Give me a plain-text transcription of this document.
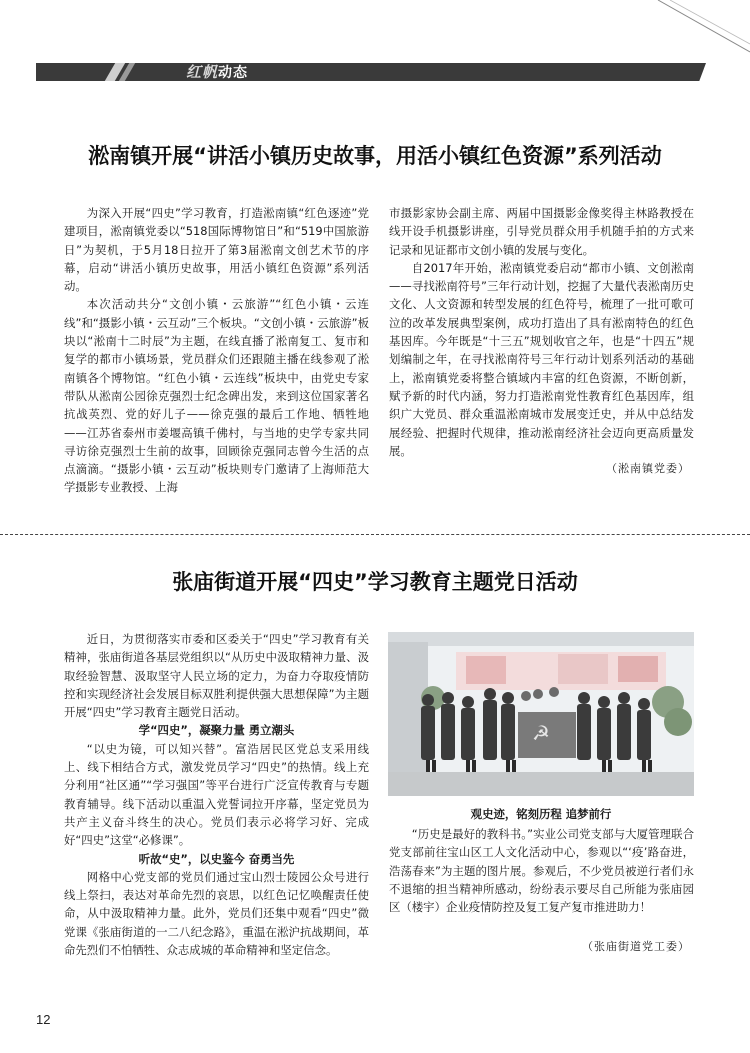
红帆动态
淞南镇开展“讲活小镇历史故事，用活小镇红色资源”系列活动

为深入开展“四史”学习教育，打造淞南镇“红色逐迹”党建项目，淞南镇党委以“518国际博物馆日”和“519中国旅游日”为契机，于5月18日拉开了第3届淞南文创艺术节的序幕，启动“讲活小镇历史故事，用活小镇红色资源”系列活动。

本次活动共分“文创小镇・云旅游”“红色小镇・云连线”和“摄影小镇・云互动”三个板块。“文创小镇・云旅游”板块以“淞南十二时辰”为主题，在线直播了淞南复工、复市和复学的都市小镇场景，党员群众们还跟随主播在线参观了淞南镇各个博物馆。“红色小镇・云连线”板块中，由党史专家带队从淞南公园徐克强烈士纪念碑出发，来到这位国家著名抗战英烈、党的好儿子——徐克强的最后工作地、牺牲地——江苏省泰州市姜堰高镇千佛村，与当地的史学专家共同寻访徐克强烈士生前的故事，回顾徐克强同志曾今生活的点点滴滴。“摄影小镇・云互动”板块则专门邀请了上海师范大学摄影专业教授、上海

市摄影家协会副主席、两届中国摄影金像奖得主林路教授在线开设手机摄影讲座，引导党员群众用手机随手拍的方式来记录和见证都市文创小镇的发展与变化。

自2017年开始，淞南镇党委启动“都市小镇、文创淞南——寻找淞南符号”三年行动计划，挖掘了大量代表淞南历史文化、人文资源和转型发展的红色符号，梳理了一批可歌可泣的改革发展典型案例，成功打造出了具有淞南特色的红色基因库。今年既是“十三五”规划收官之年，也是“十四五”规划编制之年，在寻找淞南符号三年行动计划系列活动的基础上，淞南镇党委将整合镇域内丰富的红色资源，不断创新，赋予新的时代内涵，努力打造淞南党性教育红色基因库，组织广大党员、群众重温淞南城市发展变迁史，并从中总结发展经验、把握时代规律，推动淞南经济社会迈向更高质量发展。

（淞南镇党委）
张庙街道开展“四史”学习教育主题党日活动

近日，为贯彻落实市委和区委关于“四史”学习教育有关精神，张庙街道各基层党组织以“从历史中汲取精神力量、汲取经验智慧、汲取坚守人民立场的定力，为奋力夺取疫情防控和实现经济社会发展目标双胜利提供强大思想保障”为主题开展“四史”学习教育主题党日活动。

学“四史”，凝聚力量 勇立潮头

“以史为镜，可以知兴替”。富浩居民区党总支采用线上、线下相结合方式，激发党员学习“四史”的热情。线上充分利用“社区通”“学习强国”等平台进行广泛宣传教育与专题教育辅导。线下活动以重温入党誓词拉开序幕，坚定党员为共产主义奋斗终生的决心。党员们表示必将学习好、完成好“四史”这堂“必修课”。

听故“史”，以史鉴今 奋勇当先

网格中心党支部的党员们通过宝山烈士陵园公众号进行线上祭扫，表达对革命先烈的哀思，以红色记忆唤醒责任使命，从中汲取精神力量。此外，党员们还集中观看“四史”微党课《张庙街道的一二八纪念路》，重温在淞沪抗战期间，革命先烈们不怕牺牲、众志成城的革命精神和坚定信念。

☭
观史迹，铭刻历程 追梦前行

“历史是最好的教科书。”实业公司党支部与大厦管理联合党支部前往宝山区工人文化活动中心，参观以“‘疫’路奋进，浩荡春来”为主题的图片展。参观后，不少党员被逆行者们永不退缩的担当精神所感动，纷纷表示要尽自己所能为张庙园区（楼宇）企业疫情防控及复工复产复市推进助力！

（张庙街道党工委）
12
